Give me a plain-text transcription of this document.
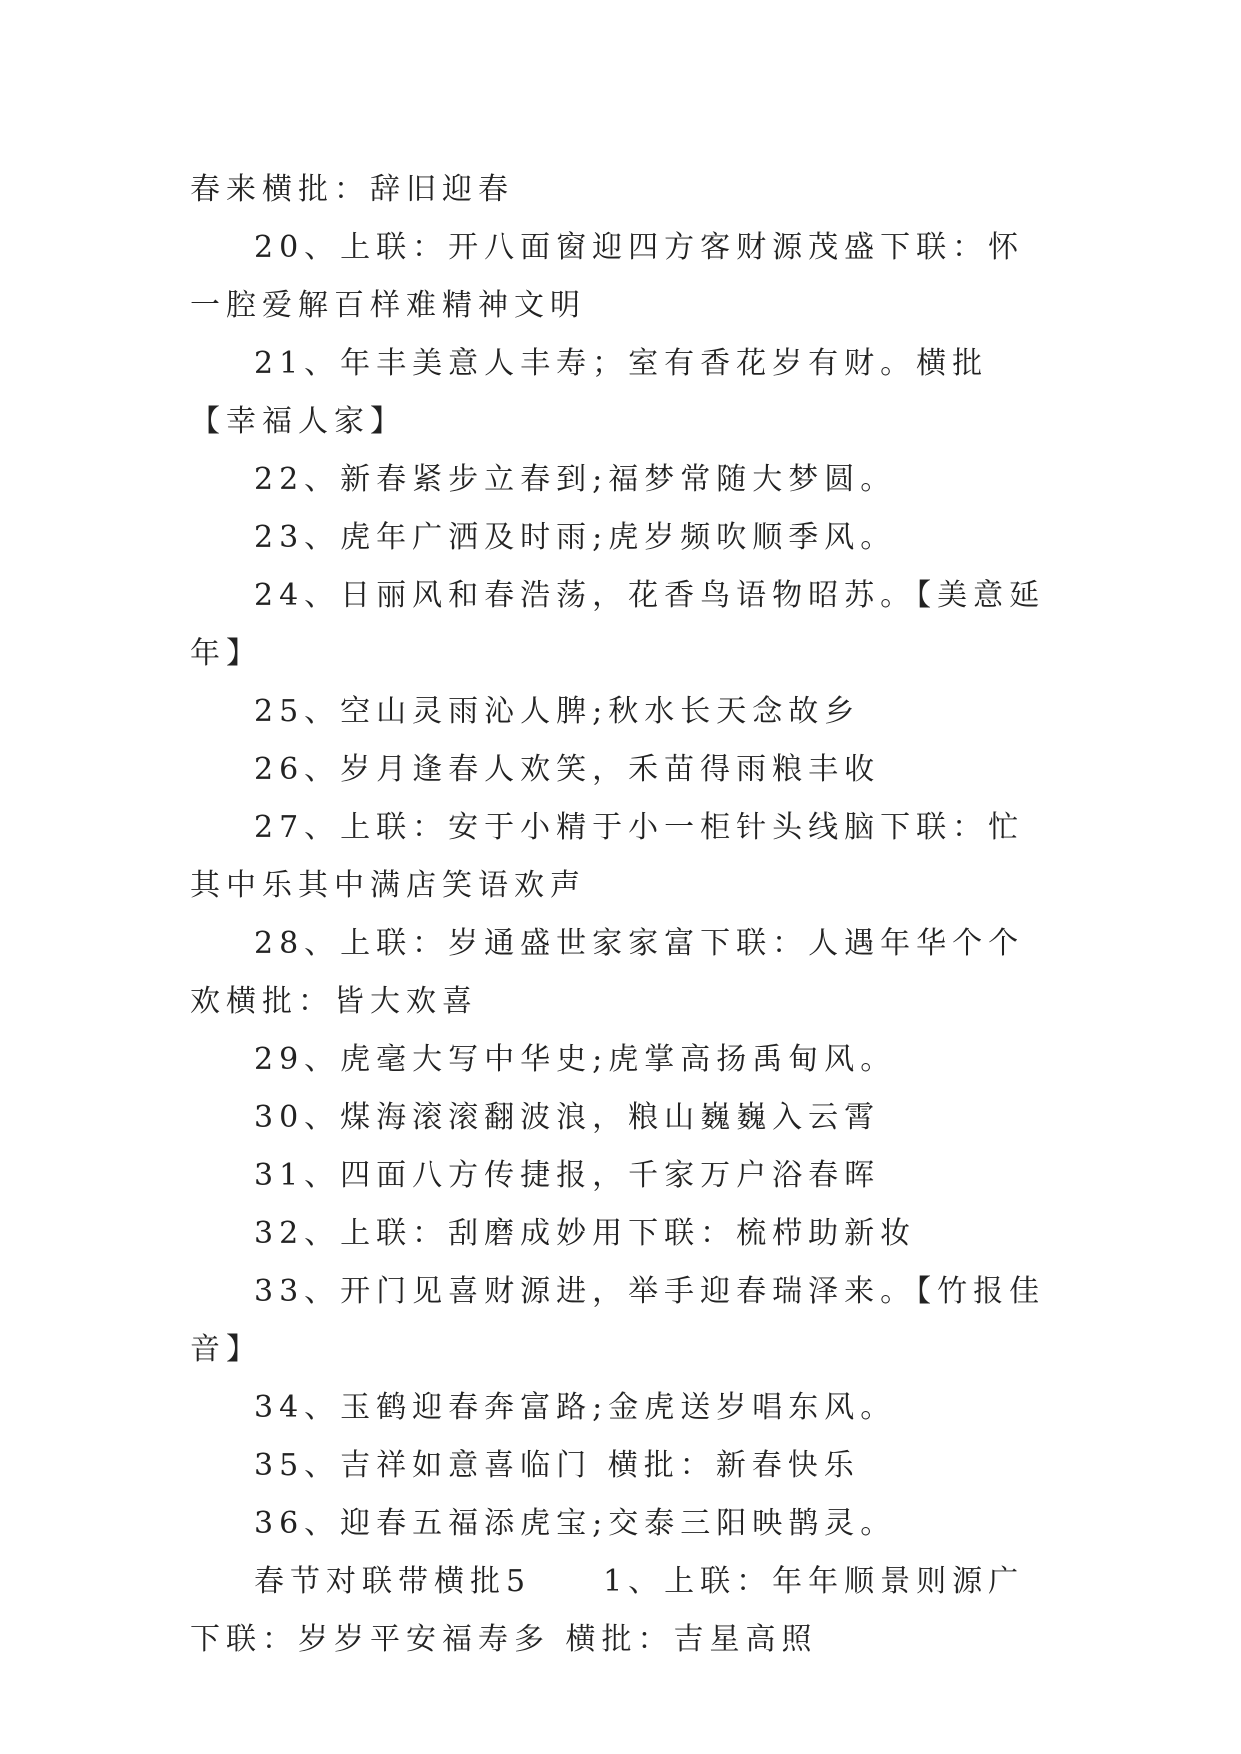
春来横批：辞旧迎春

20、上联：开八面窗迎四方客财源茂盛下联：怀一腔爱解百样难精神文明

21、年丰美意人丰寿；室有香花岁有财。横批【幸福人家】

22、新春紧步立春到;福梦常随大梦圆。

23、虎年广洒及时雨;虎岁频吹顺季风。

24、日丽风和春浩荡，花香鸟语物昭苏。【美意延年】

25、空山灵雨沁人脾;秋水长天念故乡

26、岁月逢春人欢笑，禾苗得雨粮丰收

27、上联：安于小精于小一柜针头线脑下联：忙其中乐其中满店笑语欢声

28、上联：岁通盛世家家富下联：人遇年华个个欢横批：皆大欢喜

29、虎毫大写中华史;虎掌高扬禹甸风。

30、煤海滚滚翻波浪，粮山巍巍入云霄

31、四面八方传捷报，千家万户浴春晖

32、上联：刮磨成妙用下联：梳栉助新妆

33、开门见喜财源进，举手迎春瑞泽来。【竹报佳音】

34、玉鹤迎春奔富路;金虎送岁唱东风。

35、吉祥如意喜临门 横批：新春快乐

36、迎春五福添虎宝;交泰三阳映鹊灵。

春节对联带横批5　　1、上联：年年顺景则源广 下联：岁岁平安福寿多 横批：吉星高照
